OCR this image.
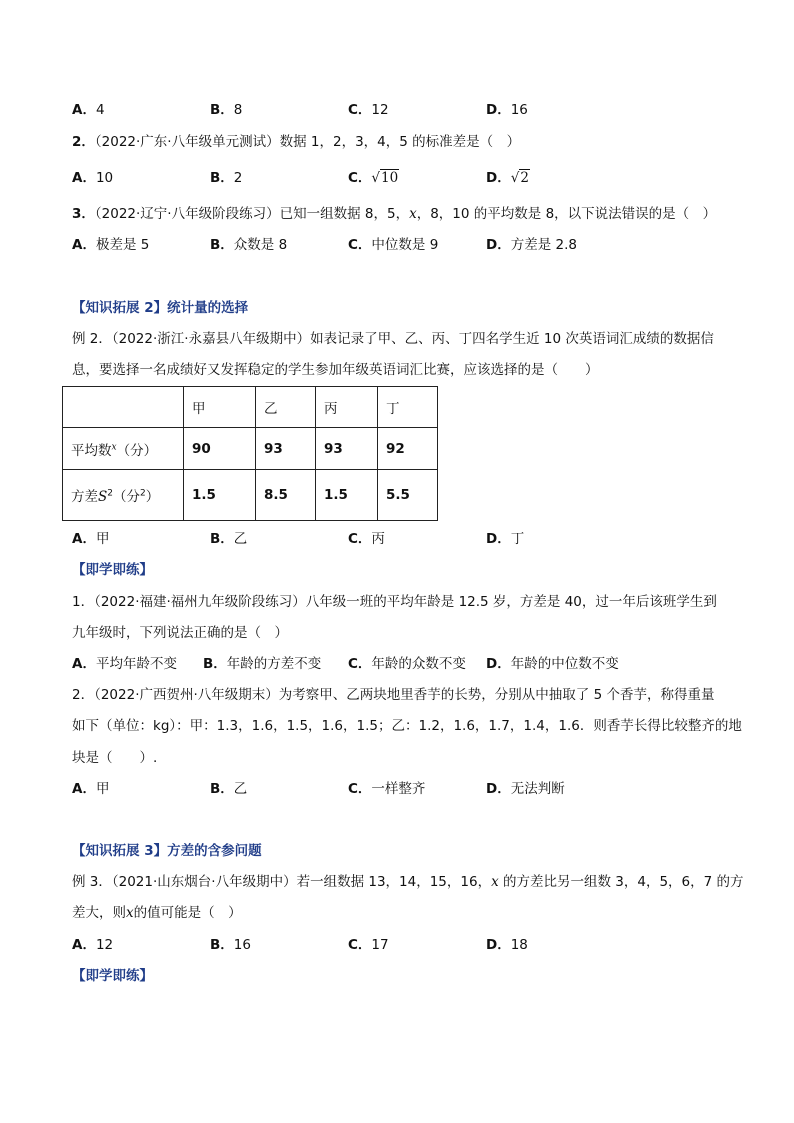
A．4	B．8	C．12	D．16
2．（2022·广东·八年级单元测试）数据 1，2，3，4，5 的标准差是（　）
A．10	B．2	C．√10	D．√2
3．（2022·辽宁·八年级阶段练习）已知一组数据 8，5，x，8，10 的平均数是 8，以下说法错误的是（　）
A．极差是 5	B．众数是 8	C．中位数是 9	D．方差是 2.8
【知识拓展 2】统计量的选择
例 2．（2022·浙江·永嘉县八年级期中）如表记录了甲、乙、丙、丁四名学生近 10 次英语词汇成绩的数据信
息，要选择一名成绩好又发挥稳定的学生参加年级英语词汇比赛，应该选择的是（　　）
	甲	乙	丙	丁
平均数$^x$（分）	90	93	93	92
方差$S^2$（分$^2$）	1.5	8.5	1.5	5.5
A．甲	B．乙	C．丙	D．丁
【即学即练】
1．（2022·福建·福州九年级阶段练习）八年级一班的平均年龄是 12.5 岁，方差是 40，过一年后该班学生到
九年级时，下列说法正确的是（　）
A．平均年龄不变 B．年龄的方差不变 C．年龄的众数不变 D．年龄的中位数不变
2．（2022·广西贺州·八年级期末）为考察甲、乙两块地里香芋的长势，分别从中抽取了 5 个香芋，称得重量
如下（单位：kg）：甲：1.3，1.6，1.5，1.6，1.5；乙：1.2，1.6，1.7，1.4，1.6．则香芋长得比较整齐的地
块是（　　）.
A．甲	B．乙	C．一样整齐	D．无法判断
【知识拓展 3】方差的含参问题
例 3．（2021·山东烟台·八年级期中）若一组数据 13，14，15，16，x 的方差比另一组数 3，4，5，6，7 的方
差大，则x的值可能是（　）
A．12	B．16	C．17	D．18
【即学即练】
